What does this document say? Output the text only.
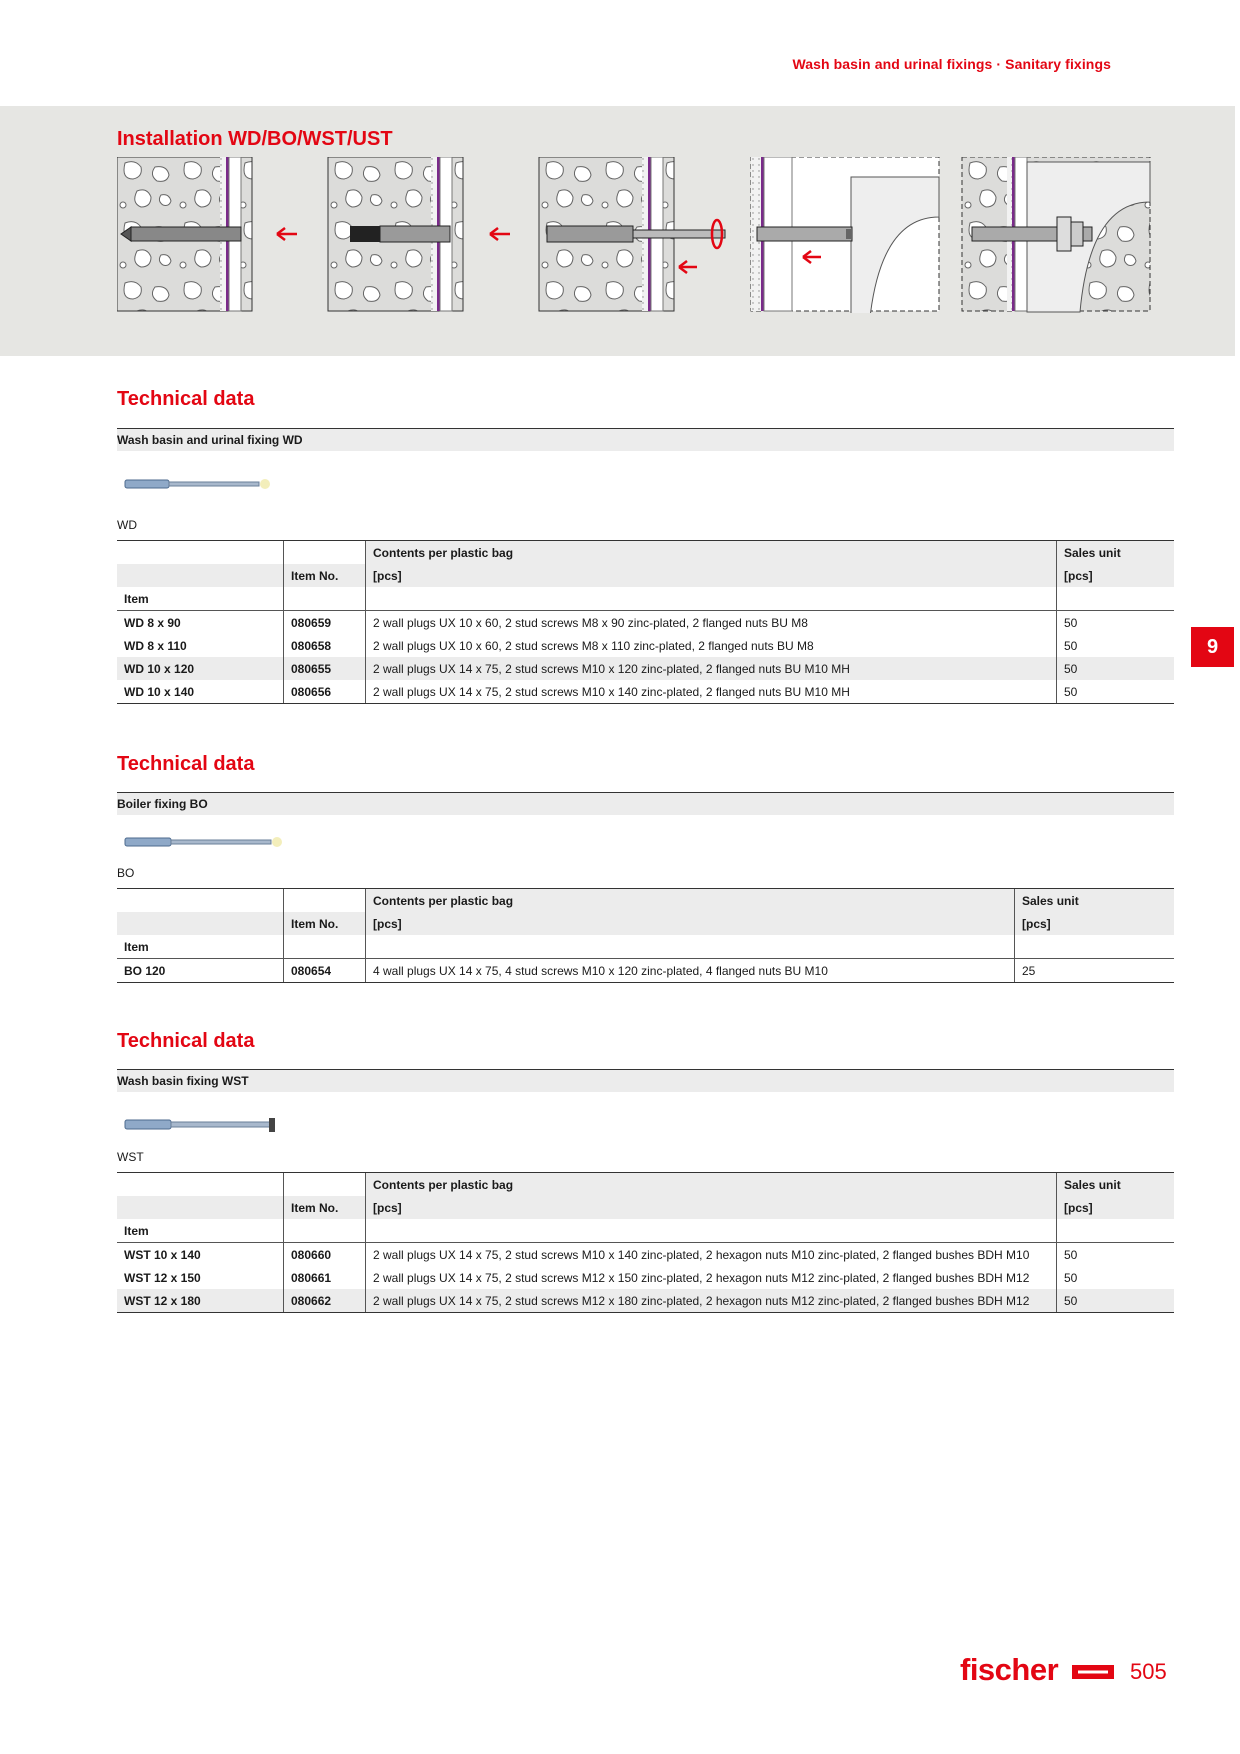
Wash basin and urinal fixings · Sanitary fixings
Installation WD/BO/WST/UST
9
Technical data
Wash basin and urinal fixing WD
WD
		Contents per plastic bag	Sales unit
	Item No.	[pcs]	[pcs]
Item			
WD 8 x 90	080659	2 wall plugs UX 10 x 60, 2 stud screws M8 x 90 zinc-plated, 2 flanged nuts BU M8	50
WD 8 x 110	080658	2 wall plugs UX 10 x 60, 2 stud screws M8 x 110 zinc-plated, 2 flanged nuts BU M8	50
WD 10 x 120	080655	2 wall plugs UX 14 x 75, 2 stud screws M10 x 120 zinc-plated, 2 flanged nuts BU M10 MH	50
WD 10 x 140	080656	2 wall plugs UX 14 x 75, 2 stud screws M10 x 140 zinc-plated, 2 flanged nuts BU M10 MH	50
Technical data
Boiler fixing BO
BO
		Contents per plastic bag	Sales unit
	Item No.	[pcs]	[pcs]
Item			
BO 120	080654	4 wall plugs UX 14 x 75, 4 stud screws M10 x 120 zinc-plated, 4 flanged nuts BU M10	25
Technical data
Wash basin fixing WST
WST
		Contents per plastic bag	Sales unit
	Item No.	[pcs]	[pcs]
Item			
WST 10 x 140	080660	2 wall plugs UX 14 x 75, 2 stud screws M10 x 140 zinc-plated, 2 hexagon nuts M10 zinc-plated, 2 flanged bushes BDH M10	50
WST 12 x 150	080661	2 wall plugs UX 14 x 75, 2 stud screws M12 x 150 zinc-plated, 2 hexagon nuts M12 zinc-plated, 2 flanged bushes BDH M12	50
WST 12 x 180	080662	2 wall plugs UX 14 x 75, 2 stud screws M12 x 180 zinc-plated, 2 hexagon nuts M12 zinc-plated, 2 flanged bushes BDH M12	50
fischer	505
